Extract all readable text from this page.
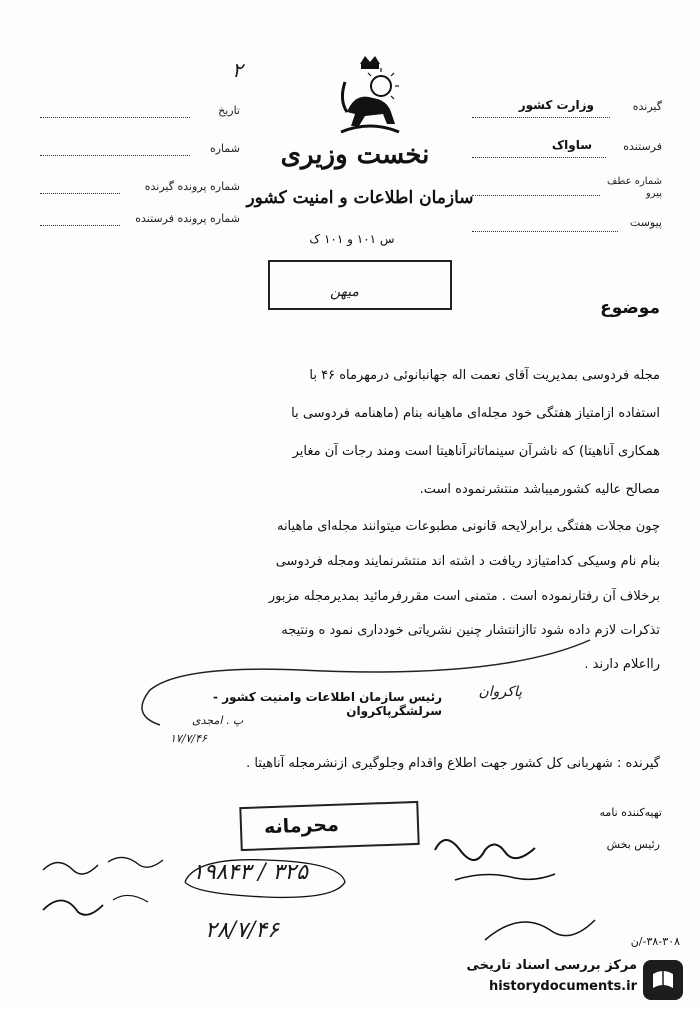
۲
نخست وزیری
سازمان اطلاعات و امنیت کشور
س ۱۰۱ و ۱۰۱ ک
گیرنده
وزارت کشور
فرستنده
ساواک
شماره عطف پیرو
پیوست
تاریخ
شماره
شماره پرونده گیرنده
شماره پرونده فرستنده
میهن
موضوع
مجله فردوسی بمدیریت آقای نعمت اله جهانبانوئی درمهرماه ۴۶ با
استفاده ازامتیاز هفتگی خود مجله‌ای ماهیانه بنام (ماهنامه فردوسی با
همکاری آناهیتا) که ناشرآن سینماتاترآناهیتا است ومند رجات آن مغایر
مصالح عالیه کشورمیباشد منتشرنموده است.
چون مجلات هفتگی برابرلایحه قانونی مطبوعات میتوانند مجله‌ای ماهیانه
بنام نام وسیکی کدامتیازد ریافت د اشته اند منتشرنمایند ومجله فردوسی
برخلاف آن رفتارنموده است . متمنی است مقررفرمائید بمدیرمجله مزبور
تذکرات لازم داده شود تاازانتشار چنین نشریاتی خودداری نمود ه ونتیجه
رااعلام دارند .
پاکروان
رئیس سازمان اطلاعات وامنیت کشور - سرلشگرپاکروان
پ . امجدی
۱۷/۷/۴۶
گیرنده : شهربانی کل کشور جهت اطلاع واقدام وجلوگیری ازنشرمجله آناهیتا .
تهیه‌کننده نامه
رئیس بخش
محرمانه
۱۹۸۴۳ / ۳۲۵
۲۸/۷/۴۶	۳۸-۳۰۸-/ن
مرکز بررسی اسناد تاریخی
historydocuments.ir
